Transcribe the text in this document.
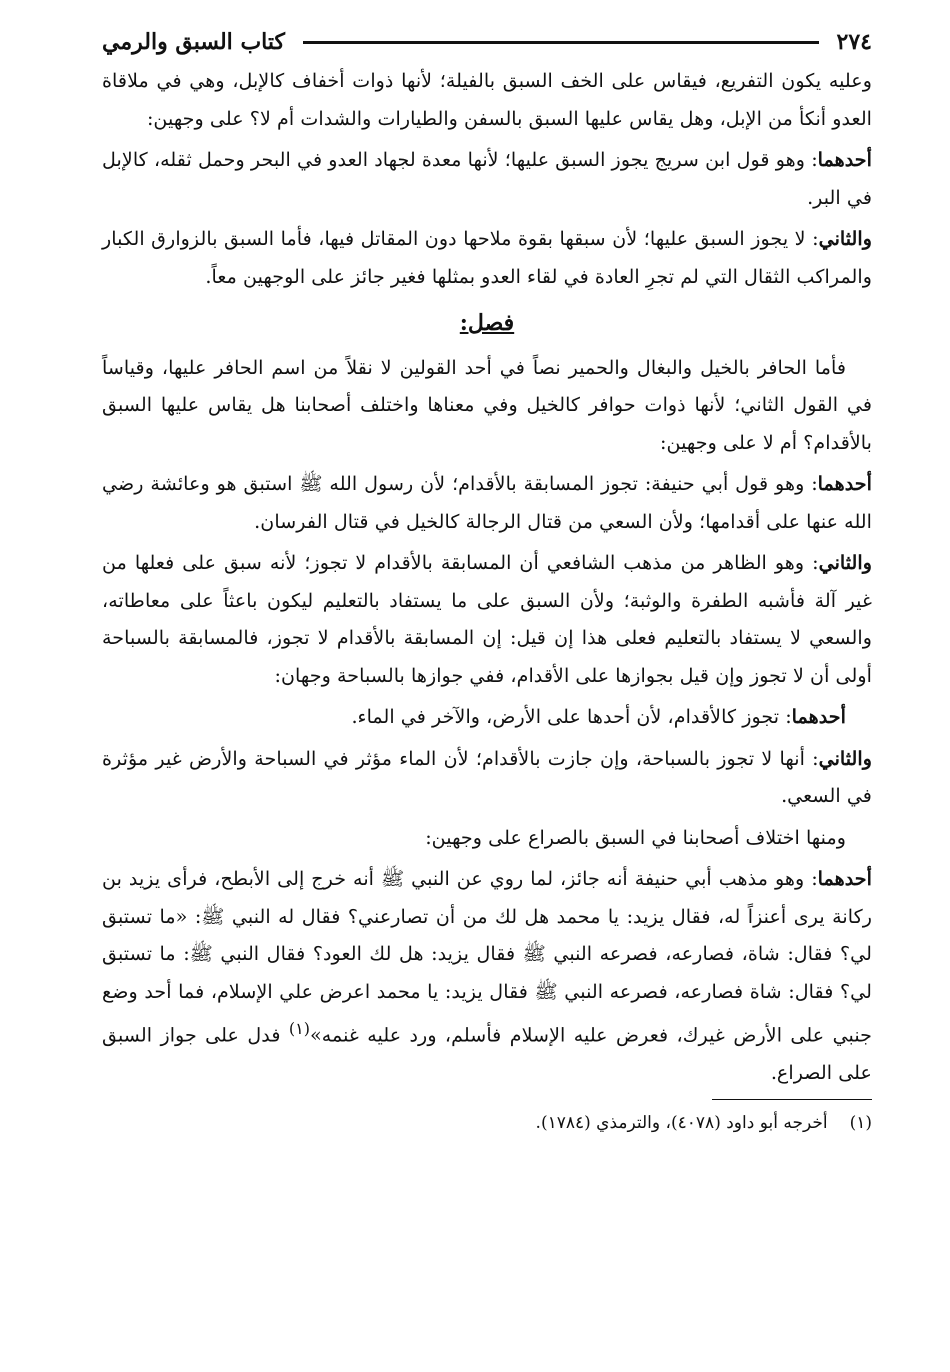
٢٧٤
كتاب السبق والرمي

وعليه يكون التفريع، فيقاس على الخف السبق بالفيلة؛ لأنها ذوات أخفاف كالإبل، وهي في ملاقاة العدو أنكأ من الإبل، وهل يقاس عليها السبق بالسفن والطيارات والشدات أم لا؟ على وجهين:

أحدهما: وهو قول ابن سريج يجوز السبق عليها؛ لأنها معدة لجهاد العدو في البحر وحمل ثقله، كالإبل في البر.

والثاني: لا يجوز السبق عليها؛ لأن سبقها بقوة ملاحها دون المقاتل فيها، فأما السبق بالزوارق الكبار والمراكب الثقال التي لم تجرِ العادة في لقاء العدو بمثلها فغير جائز على الوجهين معاً.

فصل:

فأما الحافر بالخيل والبغال والحمير نصاً في أحد القولين لا نقلاً من اسم الحافر عليها، وقياساً في القول الثاني؛ لأنها ذوات حوافر كالخيل وفي معناها واختلف أصحابنا هل يقاس عليها السبق بالأقدام؟ أم لا على وجهين:

أحدهما: وهو قول أبي حنيفة: تجوز المسابقة بالأقدام؛ لأن رسول الله ﷺ استبق هو وعائشة رضي الله عنها على أقدامها؛ ولأن السعي من قتال الرجالة كالخيل في قتال الفرسان.

والثاني: وهو الظاهر من مذهب الشافعي أن المسابقة بالأقدام لا تجوز؛ لأنه سبق على فعلها من غير آلة فأشبه الطفرة والوثبة؛ ولأن السبق على ما يستفاد بالتعليم ليكون باعثاً على معاطاته، والسعي لا يستفاد بالتعليم فعلى هذا إن قيل: إن المسابقة بالأقدام لا تجوز، فالمسابقة بالسباحة أولى أن لا تجوز وإن قيل بجوازها على الأقدام، ففي جوازها بالسباحة وجهان:

أحدهما: تجوز كالأقدام، لأن أحدها على الأرض، والآخر في الماء.

والثاني: أنها لا تجوز بالسباحة، وإن جازت بالأقدام؛ لأن الماء مؤثر في السباحة والأرض غير مؤثرة في السعي.

ومنها اختلاف أصحابنا في السبق بالصراع على وجهين:

أحدهما: وهو مذهب أبي حنيفة أنه جائز، لما روي عن النبي ﷺ أنه خرج إلى الأبطح، فرأى يزيد بن ركانة يرى أعنزاً له، فقال يزيد: يا محمد هل لك من أن تصارعني؟ فقال له النبي ﷺ: «ما تستبق لي؟ فقال: شاة، فصارعه، فصرعه النبي ﷺ فقال يزيد: هل لك العود؟ فقال النبي ﷺ: ما تستبق لي؟ فقال: شاة فصارعه، فصرعه النبي ﷺ فقال يزيد: يا محمد اعرض علي الإسلام، فما أحد وضع جنبي على الأرض غيرك، فعرض عليه الإسلام فأسلم، ورد عليه غنمه»$^{(١)}$ فدل على جواز السبق على الصراع.

(١)
أخرجه أبو داود (٤٠٧٨)، والترمذي (١٧٨٤).
